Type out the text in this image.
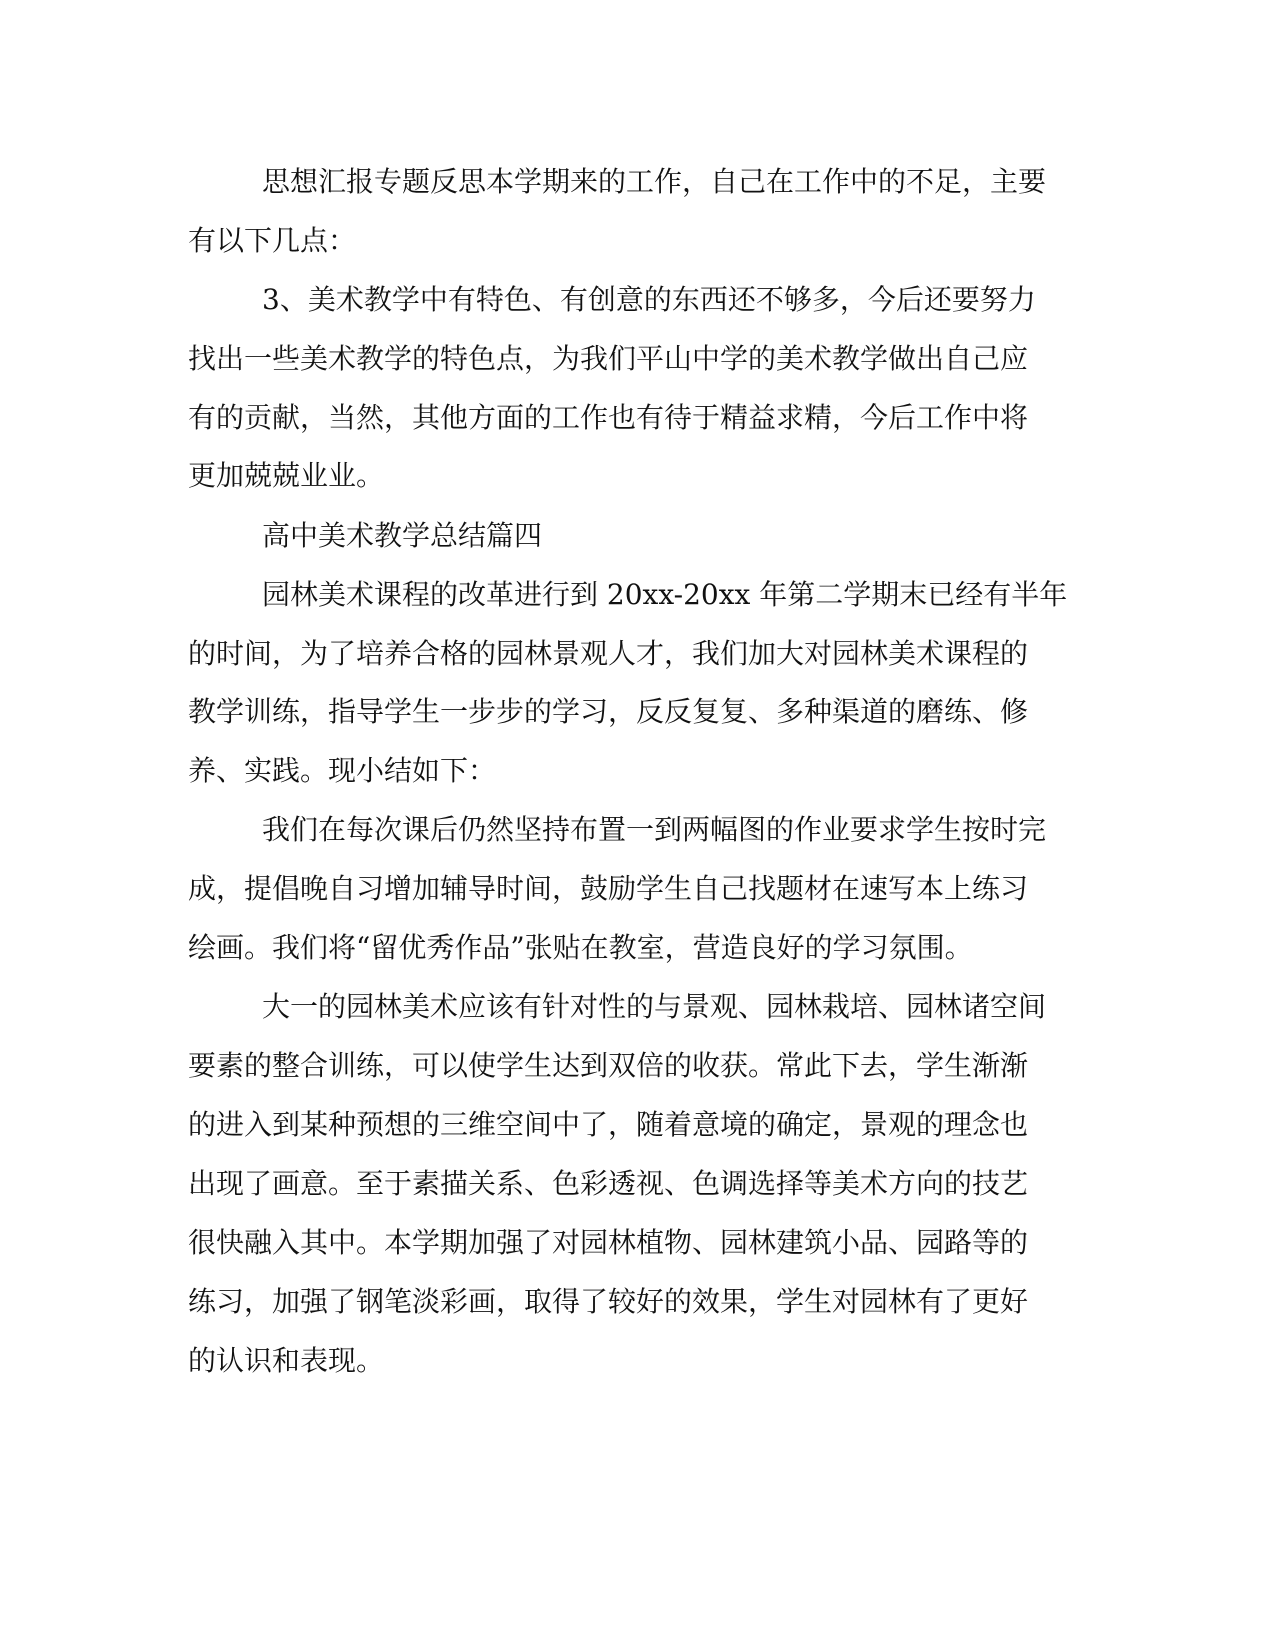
思想汇报专题反思本学期来的工作，自己在工作中的不足，主要
有以下几点：
3、美术教学中有特色、有创意的东西还不够多，今后还要努力
找出一些美术教学的特色点，为我们平山中学的美术教学做出自己应
有的贡献，当然，其他方面的工作也有待于精益求精，今后工作中将
更加兢兢业业。
高中美术教学总结篇四
园林美术课程的改革进行到 20xx-20xx 年第二学期末已经有半年
的时间，为了培养合格的园林景观人才，我们加大对园林美术课程的
教学训练，指导学生一步步的学习，反反复复、多种渠道的磨练、修
养、实践。现小结如下：
我们在每次课后仍然坚持布置一到两幅图的作业要求学生按时完
成，提倡晚自习增加辅导时间，鼓励学生自己找题材在速写本上练习
绘画。我们将“留优秀作品”张贴在教室，营造良好的学习氛围。
大一的园林美术应该有针对性的与景观、园林栽培、园林诸空间
要素的整合训练，可以使学生达到双倍的收获。常此下去，学生渐渐
的进入到某种预想的三维空间中了，随着意境的确定，景观的理念也
出现了画意。至于素描关系、色彩透视、色调选择等美术方向的技艺
很快融入其中。本学期加强了对园林植物、园林建筑小品、园路等的
练习，加强了钢笔淡彩画，取得了较好的效果，学生对园林有了更好
的认识和表现。
